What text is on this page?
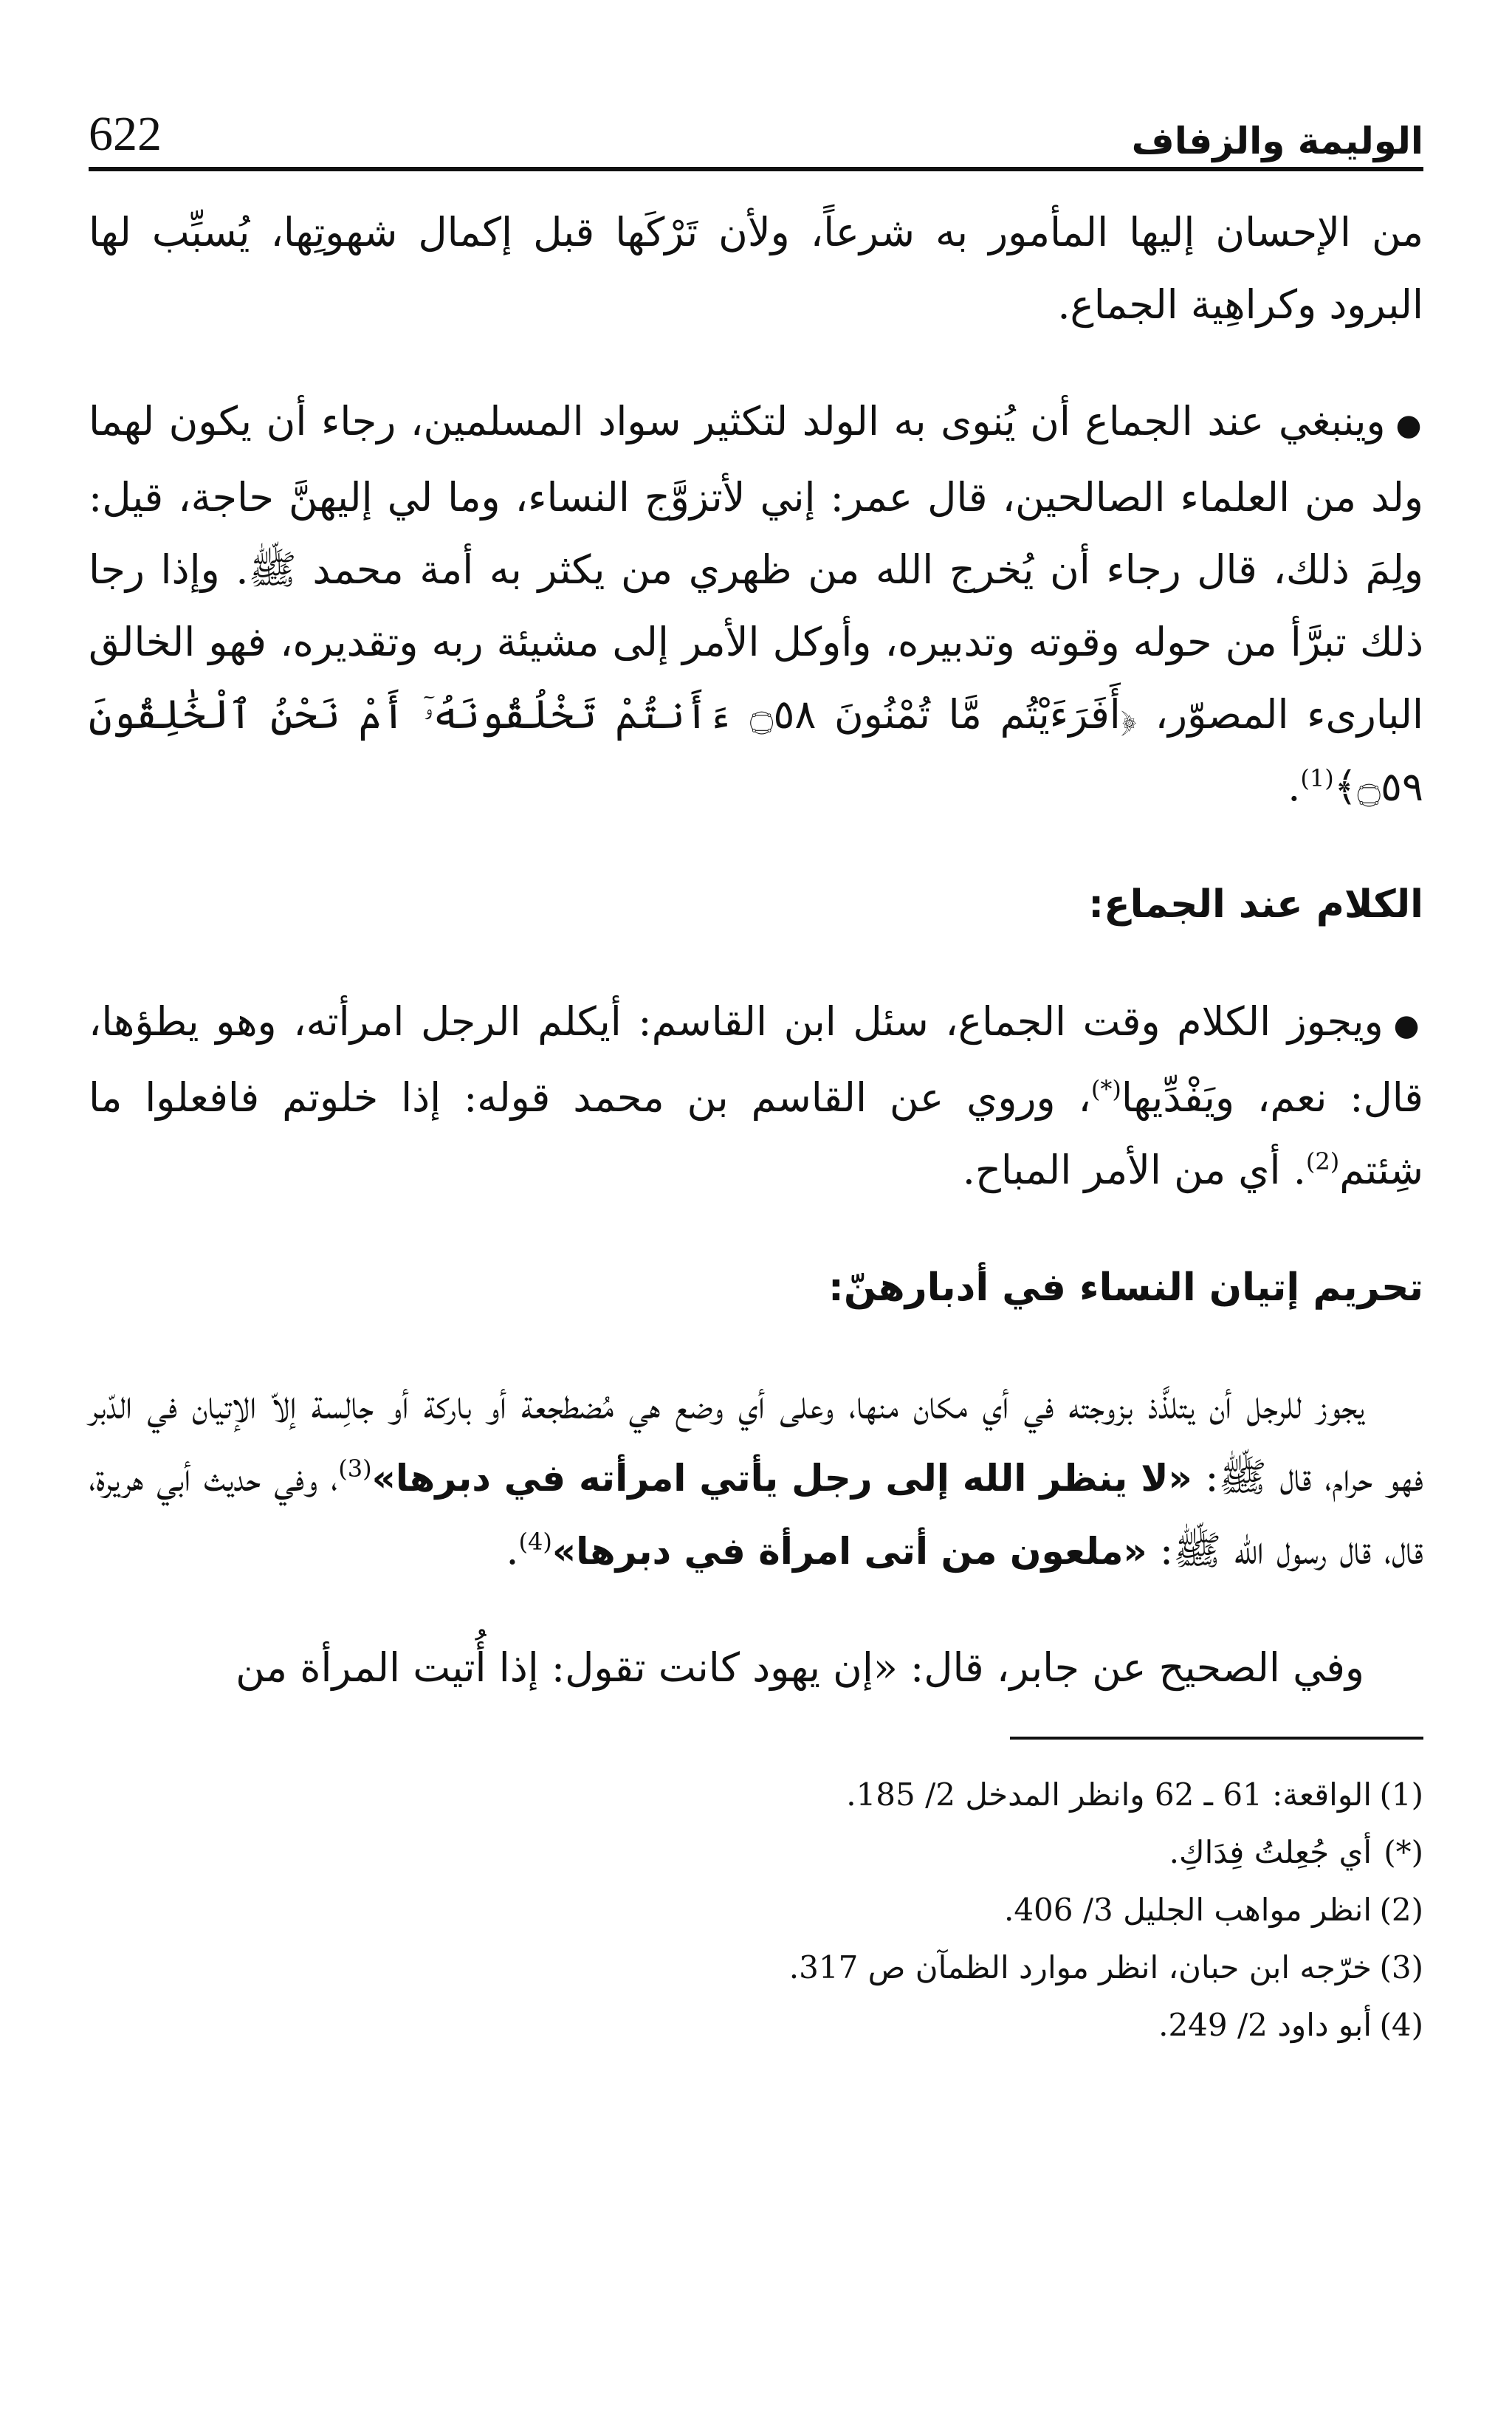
الوليمة والزفاف
622

من الإحسان إليها المأمور به شرعاً، ولأن تَرْكَها قبل إكمال شهوتِها، يُسبِّب لها البرود وكراهِية الجماع.

●وينبغي عند الجماع أن يُنوى به الولد لتكثير سواد المسلمين، رجاء أن يكون لهما ولد من العلماء الصالحين، قال عمر: إني لأتزوَّج النساء، وما لي إليهنَّ حاجة، قيل: ولِمَ ذلك، قال رجاء أن يُخرج الله من ظهري من يكثر به أمة محمد ﷺ. وإذا رجا ذلك تبرَّأ من حوله وقوته وتدبيره، وأوكل الأمر إلى مشيئة ربه وتقديره، فهو الخالق البارىء المصوّر، ﴿أَفَرَءَيْتُم مَّا تُمْنُونَ ۝٥٨ ءَأَنتُمْ تَخْلُقُونَهُۥٓ أَمْ نَحْنُ ٱلْخَٰلِقُونَ ۝٥٩﴾$^{(1)}$.

الكلام عند الجماع:

●ويجوز الكلام وقت الجماع، سئل ابن القاسم: أيكلم الرجل امرأته، وهو يطؤها، قال: نعم، ويَفْدِّيها(*)، وروي عن القاسم بن محمد قوله: إذا خلوتم فافعلوا ما شِئتم$^{(2)}$. أي من الأمر المباح.

تحريم إتيان النساء في أدبارهنّ:

يجوز للرجل أن يتلذَّذ بزوجته في أي مكان منها، وعلى أي وضع هي مُضطجعة أو باركة أو جالِسة إلاّ الإتيان في الدّبر فهو حرام، قال ﷺ: «لا ينظر الله إلى رجل يأتي امرأته في دبرها»$^{(3)}$، وفي حديث أبي هريرة، قال، قال رسول الله ﷺ: «ملعون من أتى امرأة في دبرها»$^{(4)}$.

وفي الصحيح عن جابر، قال: «إن يهود كانت تقول: إذا أُتيت المرأة من

(1)
الواقعة: 61 ـ 62 وانظر المدخل 2/ 185.
(*)
أي جُعِلتُ فِدَاكِ.
(2)
انظر مواهب الجليل 3/ 406.
(3)
خرّجه ابن حبان، انظر موارد الظمآن ص 317.
(4)
أبو داود 2/ 249.
